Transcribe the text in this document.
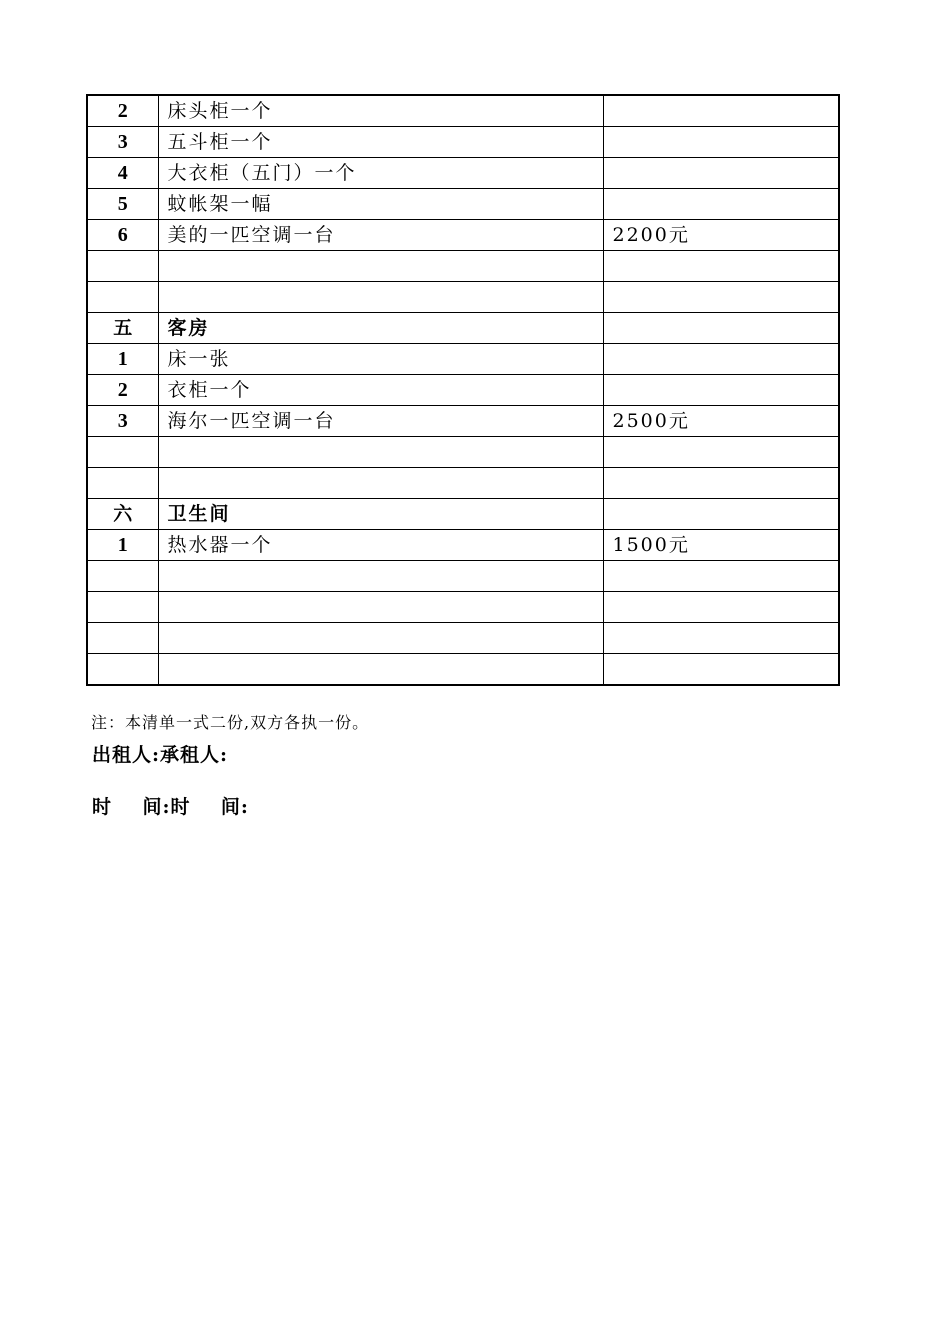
2	床头柜一个	
3	五斗柜一个	
4	大衣柜（五门）一个	
5	蚊帐架一幅	
6	美的一匹空调一台	2200元

五	客房	
1	床一张	
2	衣柜一个	
3	海尔一匹空调一台	2500元

六	卫生间	
1	热水器一个	1500元

注：本清单一式二份,双方各执一份。
出租人:承租人:
时    间:时    间:
